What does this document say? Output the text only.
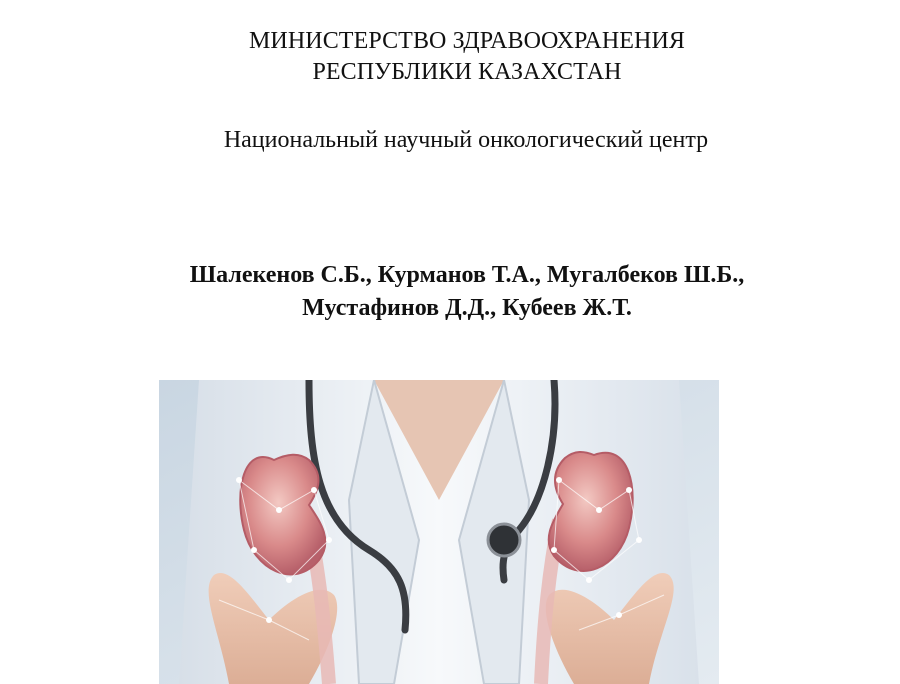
МИНИСТЕРСТВО ЗДРАВООХРАНЕНИЯ
РЕСПУБЛИКИ КАЗАХСТАН
Национальный научный онкологический центр
Шалекенов С.Б., Курманов Т.А., Мугалбеков Ш.Б.,
Мустафинов Д.Д., Кубеев Ж.Т.
